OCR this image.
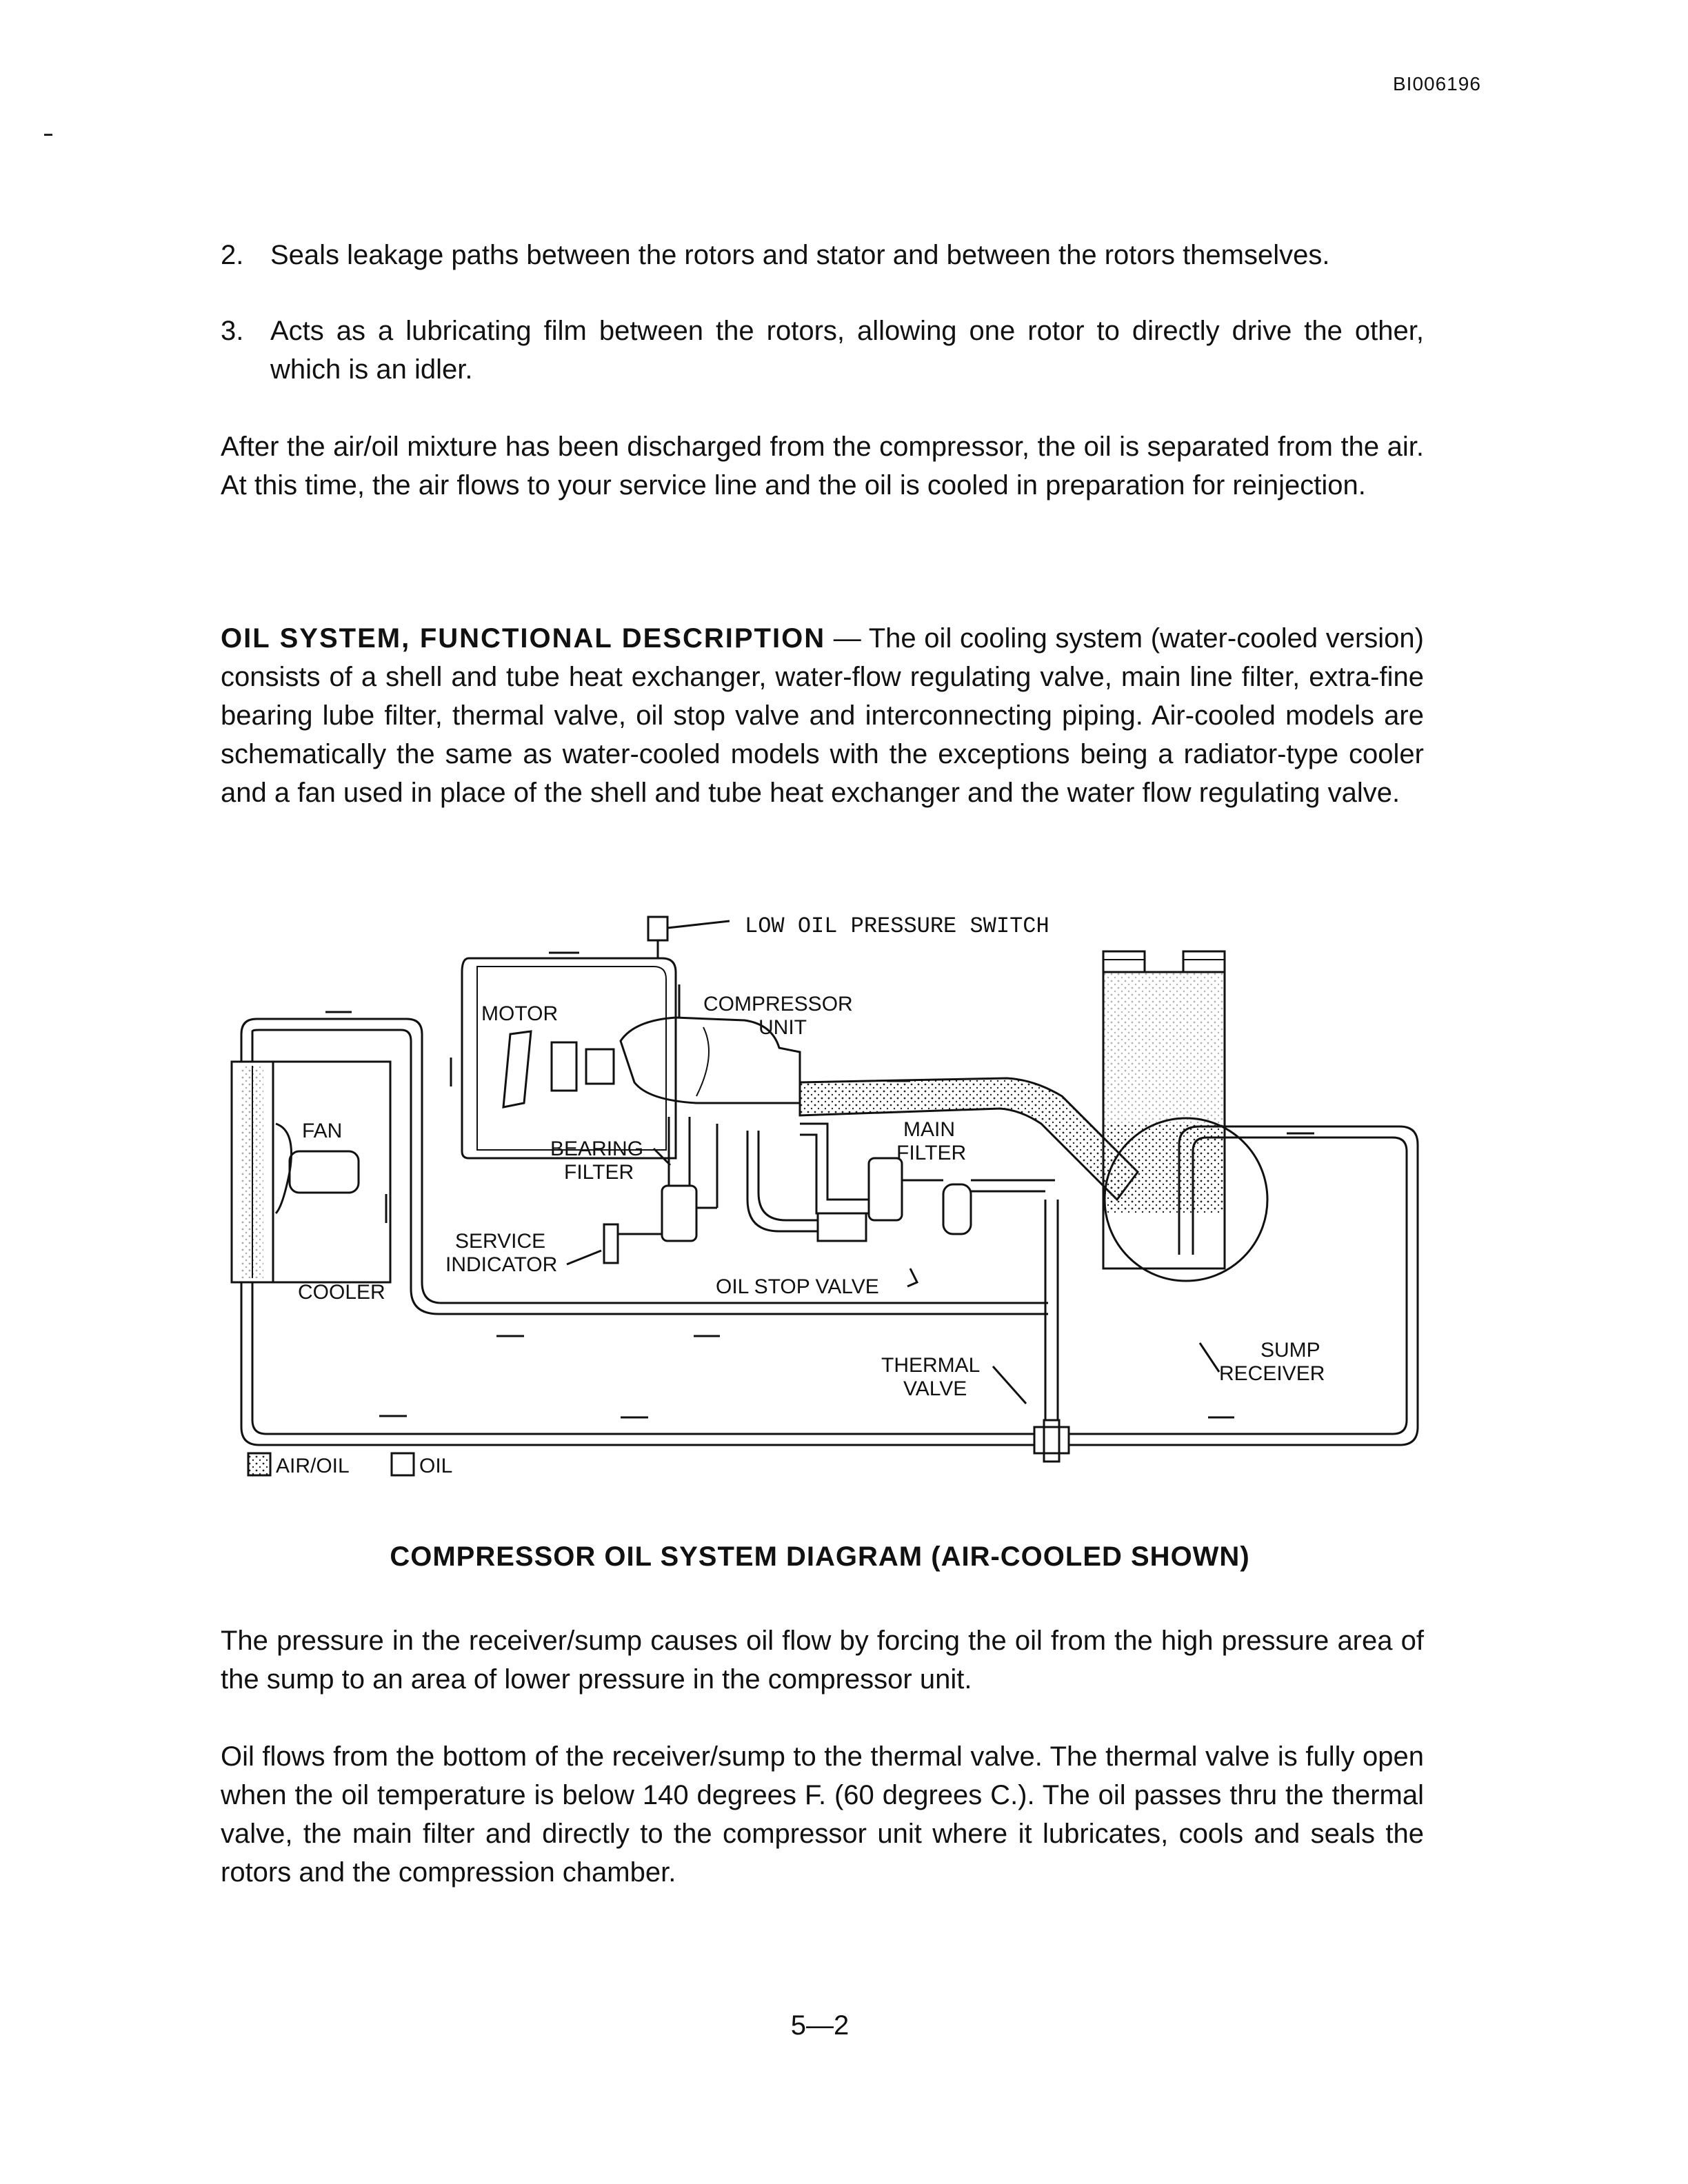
BI006196
2. Seals leakage paths between the rotors and stator and between the rotors themselves.
3. Acts as a lubricating film between the rotors, allowing one rotor to directly drive the other, which is an idler.

After the air/oil mixture has been discharged from the compressor, the oil is separated from the air. At this time, the air flows to your service line and the oil is cooled in preparation for reinjection.

OIL SYSTEM, FUNCTIONAL DESCRIPTION — The oil cooling system (water-cooled version) consists of a shell and tube heat exchanger, water-flow regulating valve, main line filter, extra-fine bearing lube filter, thermal valve, oil stop valve and interconnecting piping. Air-cooled models are schematically the same as water-cooled models with the exceptions being a radiator-type cooler and a fan used in place of the shell and tube heat exchanger and the water flow regulating valve.

LOW OIL PRESSURE SWITCH
MOTOR	COMPRESSOR
UNIT
SUMP
RECEIVER
COOLER
FAN
THERMAL
VALVE
MAIN
FILTER
BEARING
FILTER
SERVICE
INDICATOR
OIL STOP VALVE
AIR/OIL	OIL
COMPRESSOR OIL SYSTEM DIAGRAM (AIR-COOLED SHOWN)

The pressure in the receiver/sump causes oil flow by forcing the oil from the high pressure area of the sump to an area of lower pressure in the compressor unit.

Oil flows from the bottom of the receiver/sump to the thermal valve. The thermal valve is fully open when the oil temperature is below 140 degrees F. (60 degrees C.). The oil passes thru the thermal valve, the main filter and directly to the compressor unit where it lubricates, cools and seals the rotors and the compression chamber.

5—2
